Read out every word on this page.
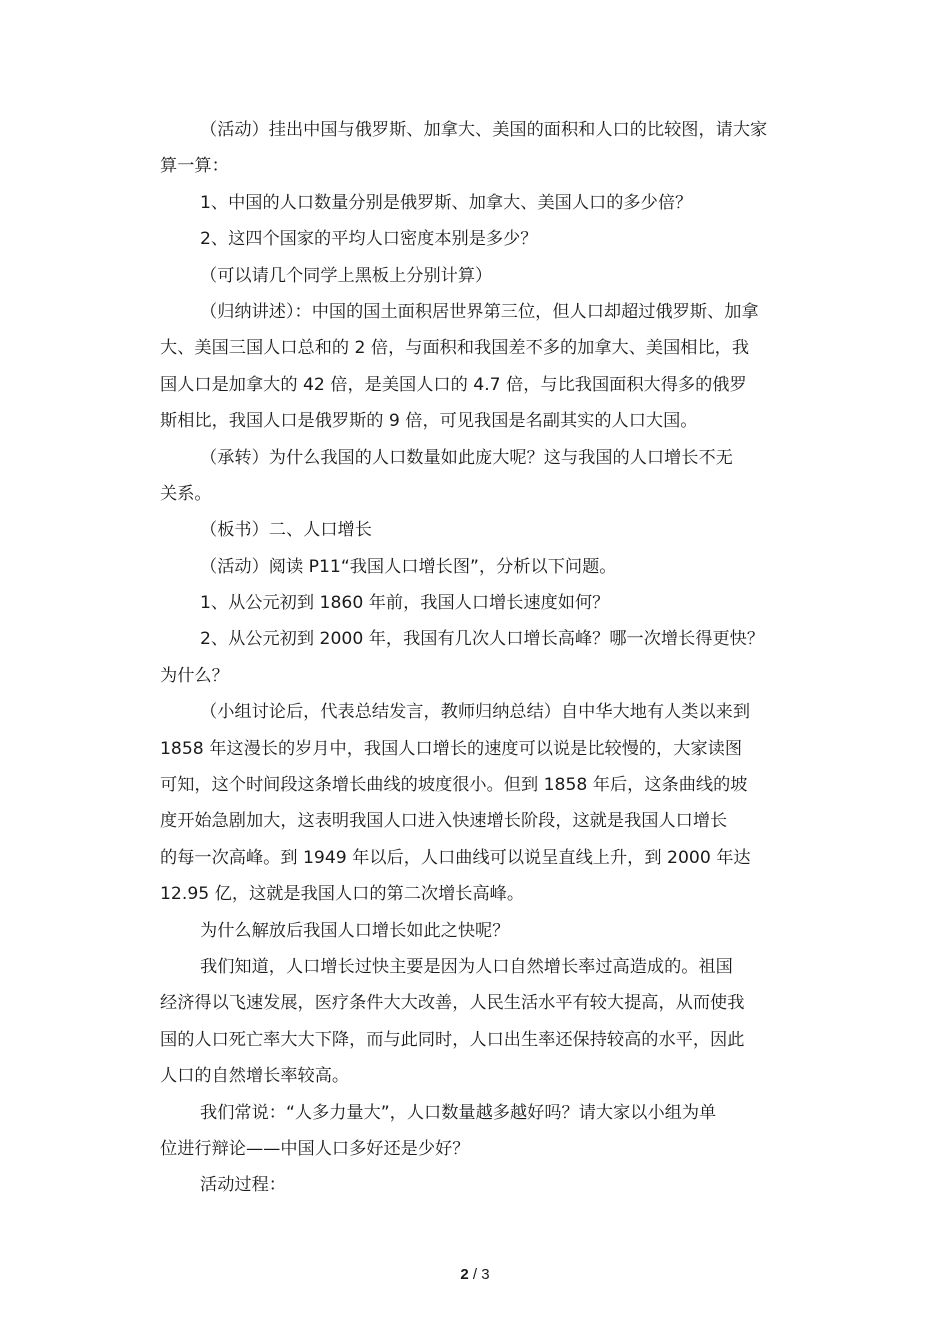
（活动）挂出中国与俄罗斯、加拿大、美国的面积和人口的比较图，请大家
算一算：
1、中国的人口数量分别是俄罗斯、加拿大、美国人口的多少倍？
2、这四个国家的平均人口密度本别是多少？
（可以请几个同学上黑板上分别计算）
（归纳讲述）：中国的国土面积居世界第三位，但人口却超过俄罗斯、加拿
大、美国三国人口总和的 2 倍，与面积和我国差不多的加拿大、美国相比，我
国人口是加拿大的 42 倍，是美国人口的 4.7 倍，与比我国面积大得多的俄罗
斯相比，我国人口是俄罗斯的 9 倍，可见我国是名副其实的人口大国。
（承转）为什么我国的人口数量如此庞大呢？这与我国的人口增长不无
关系。
（板书）二、人口增长
（活动）阅读 P11“我国人口增长图”，分析以下问题。
1、从公元初到 1860 年前，我国人口增长速度如何？
2、从公元初到 2000 年，我国有几次人口增长高峰？哪一次增长得更快？
为什么？
（小组讨论后，代表总结发言，教师归纳总结）自中华大地有人类以来到
1858 年这漫长的岁月中，我国人口增长的速度可以说是比较慢的，大家读图
可知，这个时间段这条增长曲线的坡度很小。但到 1858 年后，这条曲线的坡
度开始急剧加大，这表明我国人口进入快速增长阶段，这就是我国人口增长
的每一次高峰。到 1949 年以后，人口曲线可以说呈直线上升，到 2000 年达
12.95 亿，这就是我国人口的第二次增长高峰。
为什么解放后我国人口增长如此之快呢？
我们知道，人口增长过快主要是因为人口自然增长率过高造成的。祖国
经济得以飞速发展，医疗条件大大改善，人民生活水平有较大提高，从而使我
国的人口死亡率大大下降，而与此同时，人口出生率还保持较高的水平，因此
人口的自然增长率较高。
我们常说：“人多力量大”，人口数量越多越好吗？请大家以小组为单
位进行辩论——中国人口多好还是少好？
活动过程：
2 / 3
